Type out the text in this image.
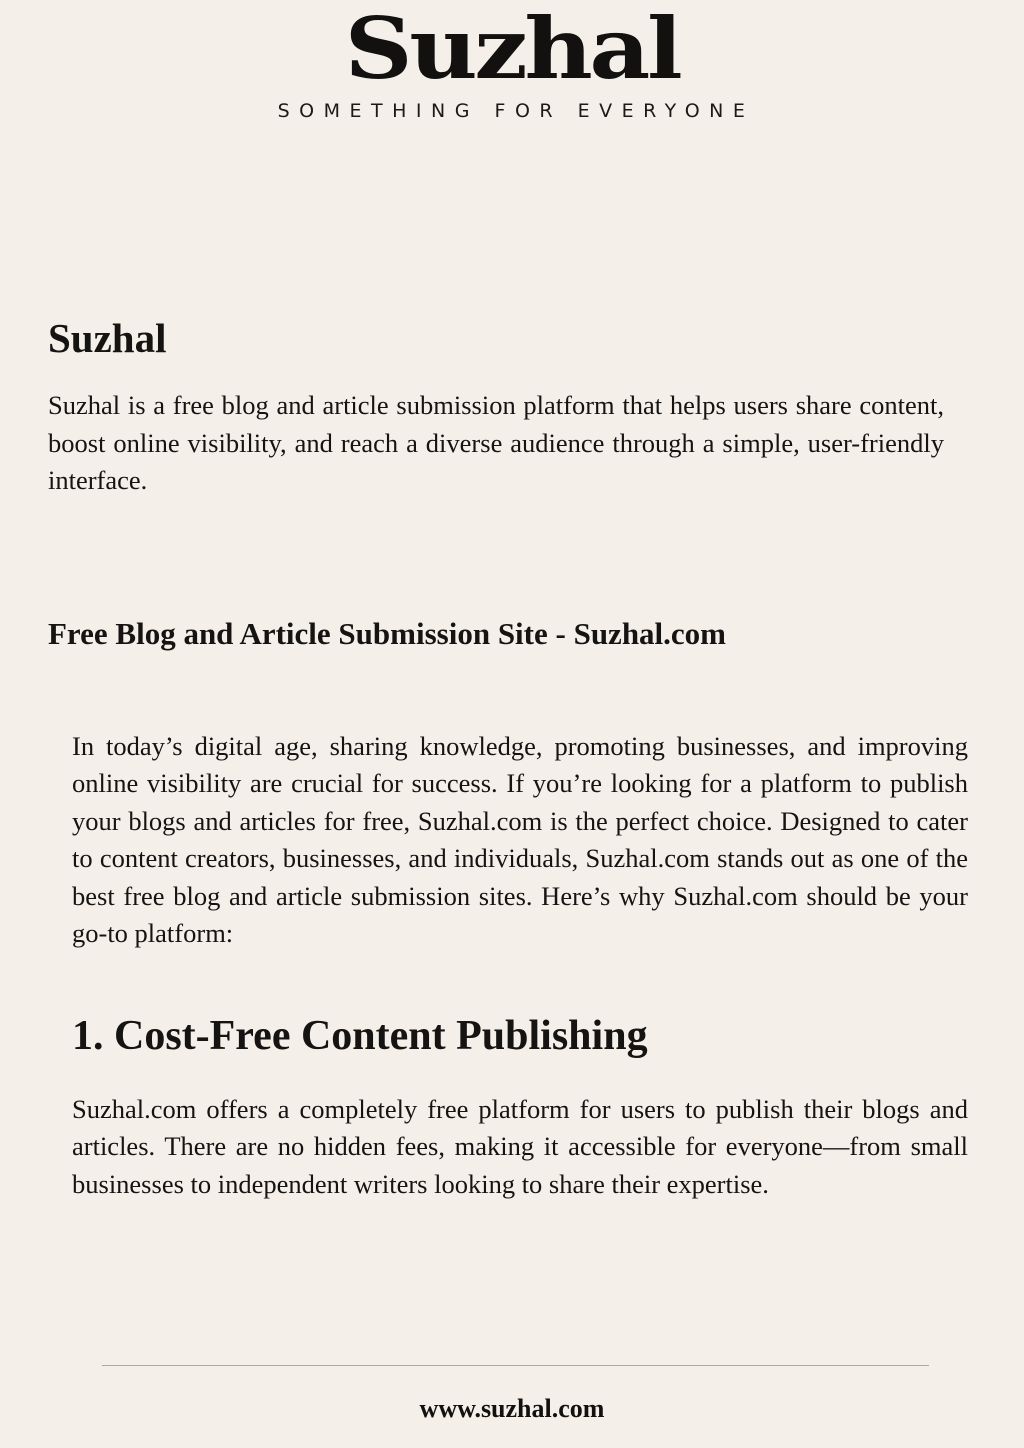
Suzhal
SOMETHING FOR EVERYONE
Suzhal

Suzhal is a free blog and article submission platform that helps users share content, boost online visibility, and reach a diverse audience through a simple, user-friendly interface.

Free Blog and Article Submission Site - Suzhal.com

In today’s digital age, sharing knowledge, promoting businesses, and improving online visibility are crucial for success. If you’re looking for a platform to publish your blogs and articles for free, Suzhal.com is the perfect choice. Designed to cater to content creators, businesses, and individuals, Suzhal.com stands out as one of the best free blog and article submission sites. Here’s why Suzhal.com should be your go-to platform:

1. Cost-Free Content Publishing

Suzhal.com offers a completely free platform for users to publish their blogs and articles. There are no hidden fees, making it accessible for everyone—from small businesses to independent writers looking to share their expertise.

www.suzhal.com
